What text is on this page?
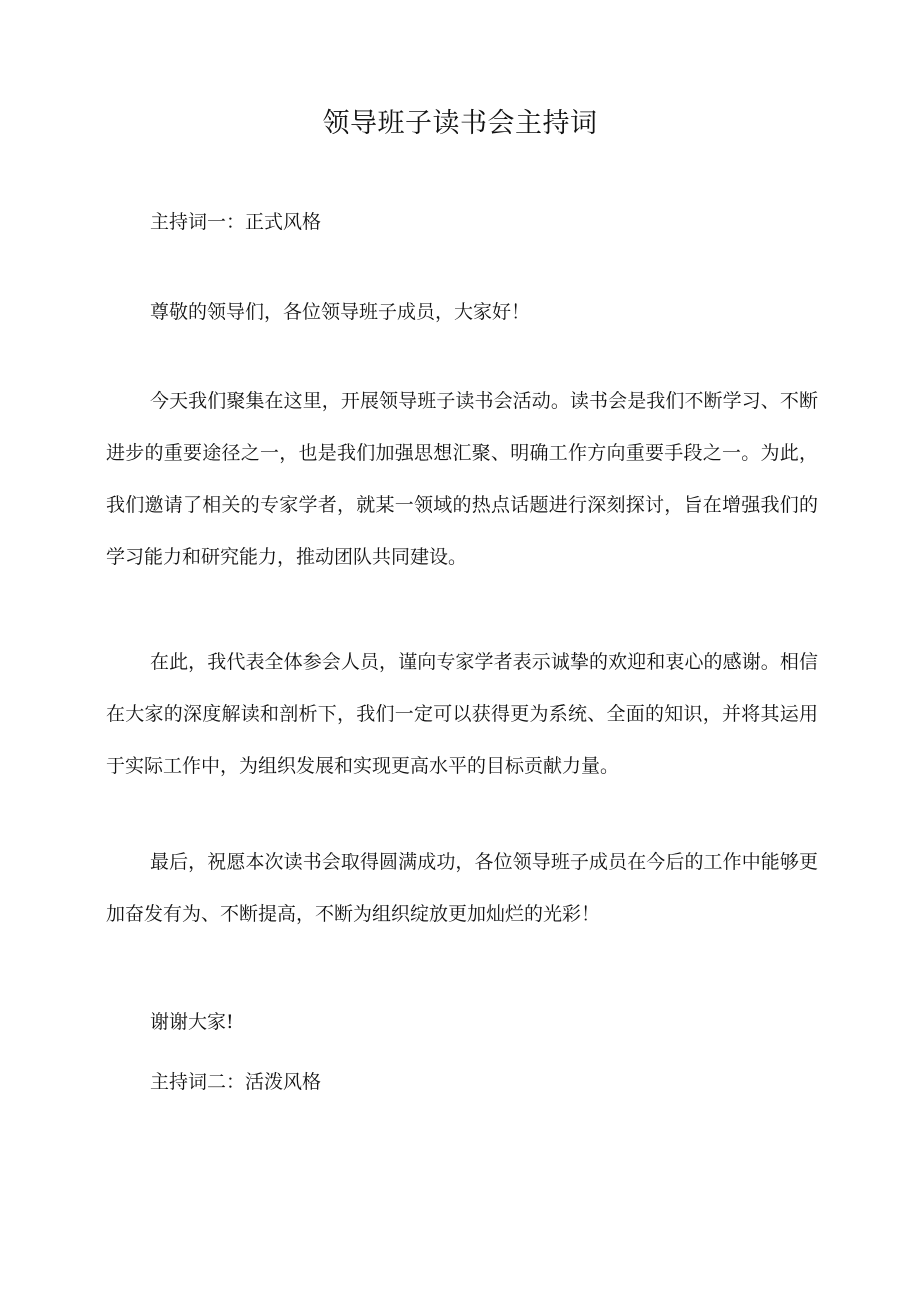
领导班子读书会主持词

主持词一：正式风格

尊敬的领导们，各位领导班子成员，大家好！

今天我们聚集在这里，开展领导班子读书会活动。读书会是我们不断学习、不断进步的重要途径之一，也是我们加强思想汇聚、明确工作方向重要手段之一。为此，我们邀请了相关的专家学者，就某一领域的热点话题进行深刻探讨，旨在增强我们的学习能力和研究能力，推动团队共同建设。

在此，我代表全体参会人员，谨向专家学者表示诚挚的欢迎和衷心的感谢。相信在大家的深度解读和剖析下，我们一定可以获得更为系统、全面的知识，并将其运用于实际工作中，为组织发展和实现更高水平的目标贡献力量。

最后，祝愿本次读书会取得圆满成功，各位领导班子成员在今后的工作中能够更加奋发有为、不断提高，不断为组织绽放更加灿烂的光彩！

谢谢大家!

主持词二：活泼风格
